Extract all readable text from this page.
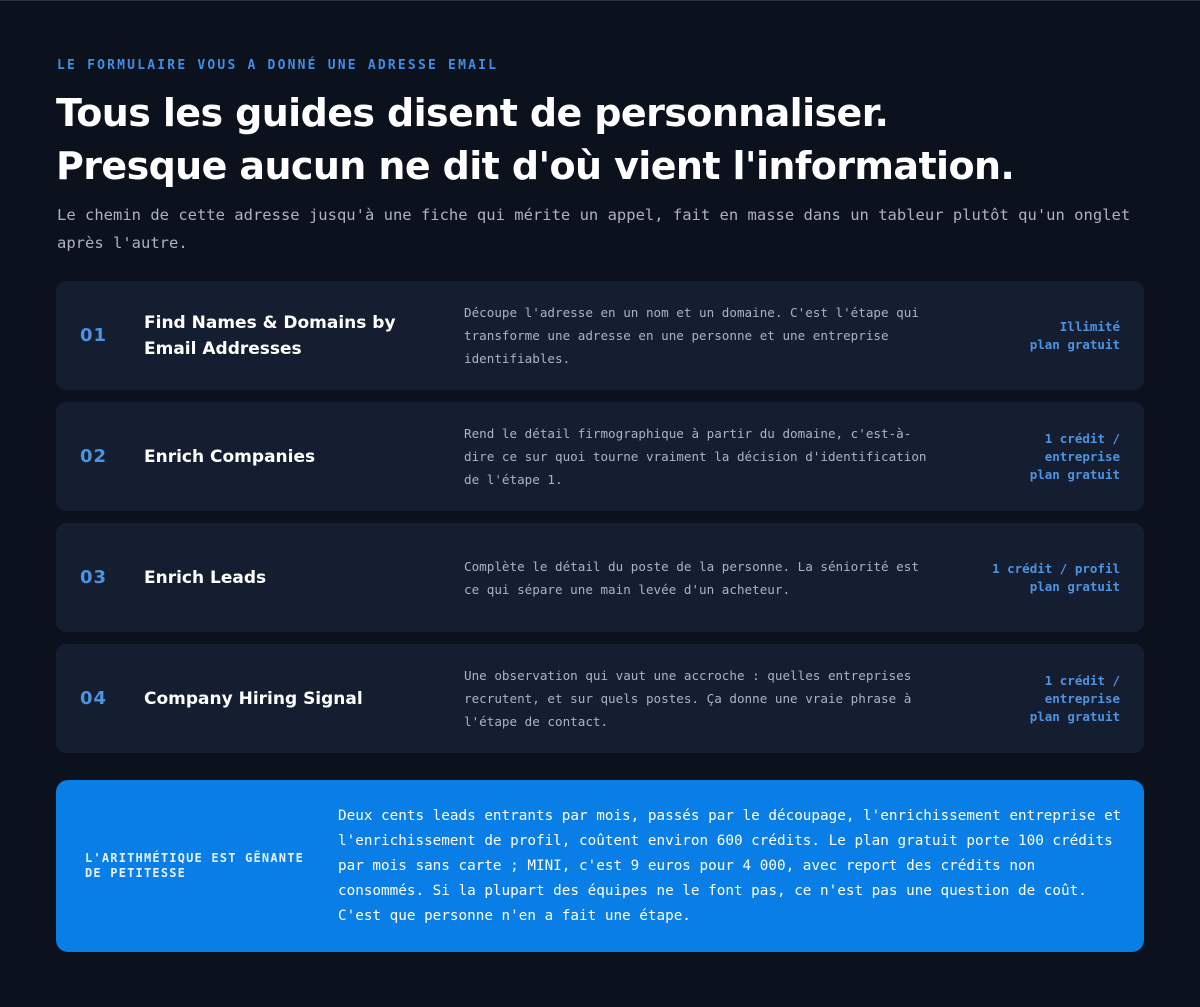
LE FORMULAIRE VOUS A DONNÉ UNE ADRESSE EMAIL
Tous les guides disent de personnaliser.
Presque aucun ne dit d'où vient l'information.

Le chemin de cette adresse jusqu'à une fiche qui mérite un appel, fait en masse dans un tableur plutôt qu'un onglet après l'autre.

01
Find Names & Domains by Email Addresses
Découpe l'adresse en un nom et un domaine. C'est l'étape qui transforme une adresse en une personne et une entreprise identifiables.
Illimité
plan gratuit
02 Enrich Companies
Rend le détail firmographique à partir du domaine, c'est-à-dire ce sur quoi tourne vraiment la décision d'identification de l'étape 1.
1 crédit / entreprise
plan gratuit
03 Enrich Leads
Complète le détail du poste de la personne. La séniorité est ce qui sépare une main levée d'un acheteur.
1 crédit / profil
plan gratuit
04 Company Hiring Signal
Une observation qui vaut une accroche : quelles entreprises recrutent, et sur quels postes. Ça donne une vraie phrase à l'étape de contact.
1 crédit / entreprise
plan gratuit
L'ARITHMÉTIQUE EST GÊNANTE DE PETITESSE
Deux cents leads entrants par mois, passés par le découpage, l'enrichissement entreprise et l'enrichissement de profil, coûtent environ 600 crédits. Le plan gratuit porte 100 crédits par mois sans carte ; MINI, c'est 9 euros pour 4 000, avec report des crédits non consommés. Si la plupart des équipes ne le font pas, ce n'est pas une question de coût. C'est que personne n'en a fait une étape.
